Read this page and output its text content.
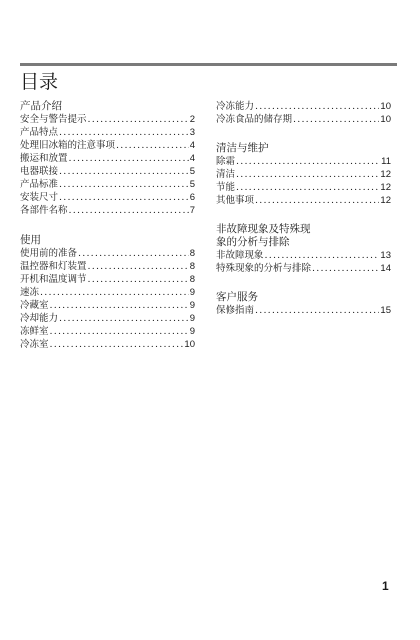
目录
产品介绍
安全与警告提示 .....	2
产品特点 .....	3
处理旧冰箱的注意事项 .....	4
搬运和放置 .....	4
电器联接 .....	5
产品标准 .....	5
安装尺寸 .....	6
各部件名称 .....	7
使用
使用前的准备 .....	8
温控器和灯装置 .....	8
开机和温度调节 .....	8
速冻 .....	9
冷藏室 .....	9
冷却能力 .....	9
冻鲜室 .....	9
冷冻室 .....	10
冷冻能力 .....	10
冷冻食品的储存期 .....	10
清洁与维护
除霜 .....	11
清洁 .....	12
节能 .....	12
其他事项 .....	12
非故障现象及特殊现
象的分析与排除
非故障现象 .....	13
特殊现象的分析与排除 .....	14
客户服务
保修指南 .....	15
1
